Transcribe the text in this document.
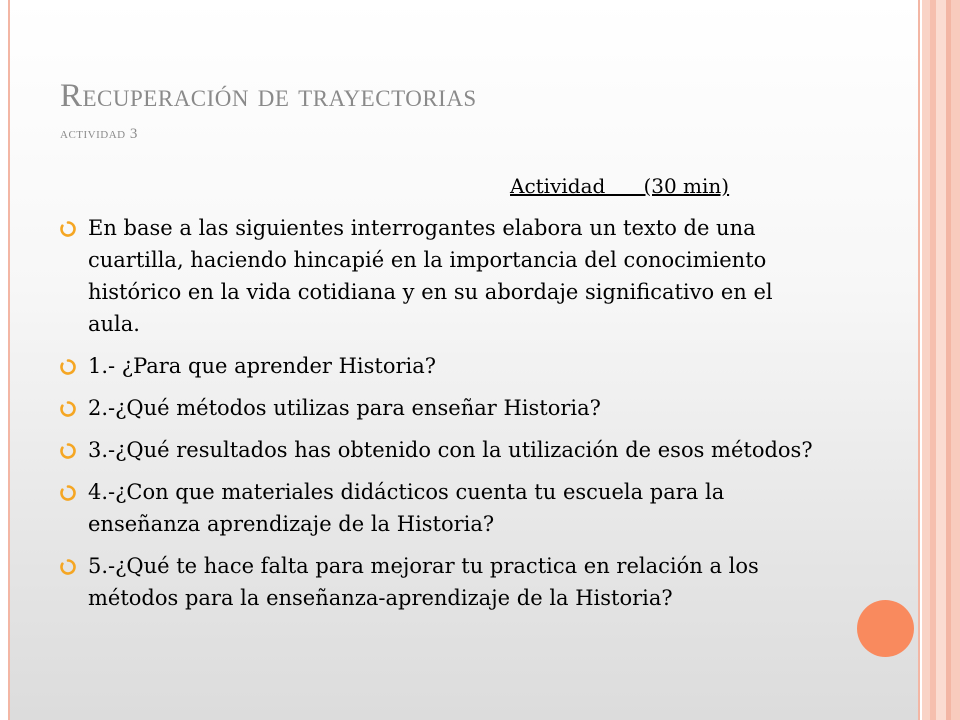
Recuperación de trayectorias
actividad 3
Actividad      (30 min)
En base a las siguientes interrogantes elabora un texto de una cuartilla, haciendo hincapié en la importancia del conocimiento histórico en la vida cotidiana y en su abordaje significativo en el aula.
1.- ¿Para que aprender Historia?
2.-¿Qué métodos utilizas para enseñar Historia?
3.-¿Qué resultados has obtenido con la utilización de esos métodos?
4.-¿Con que materiales didácticos cuenta tu escuela para la enseñanza aprendizaje de la Historia?
5.-¿Qué te hace falta para mejorar tu practica en relación a los métodos para la enseñanza-aprendizaje de la Historia?
